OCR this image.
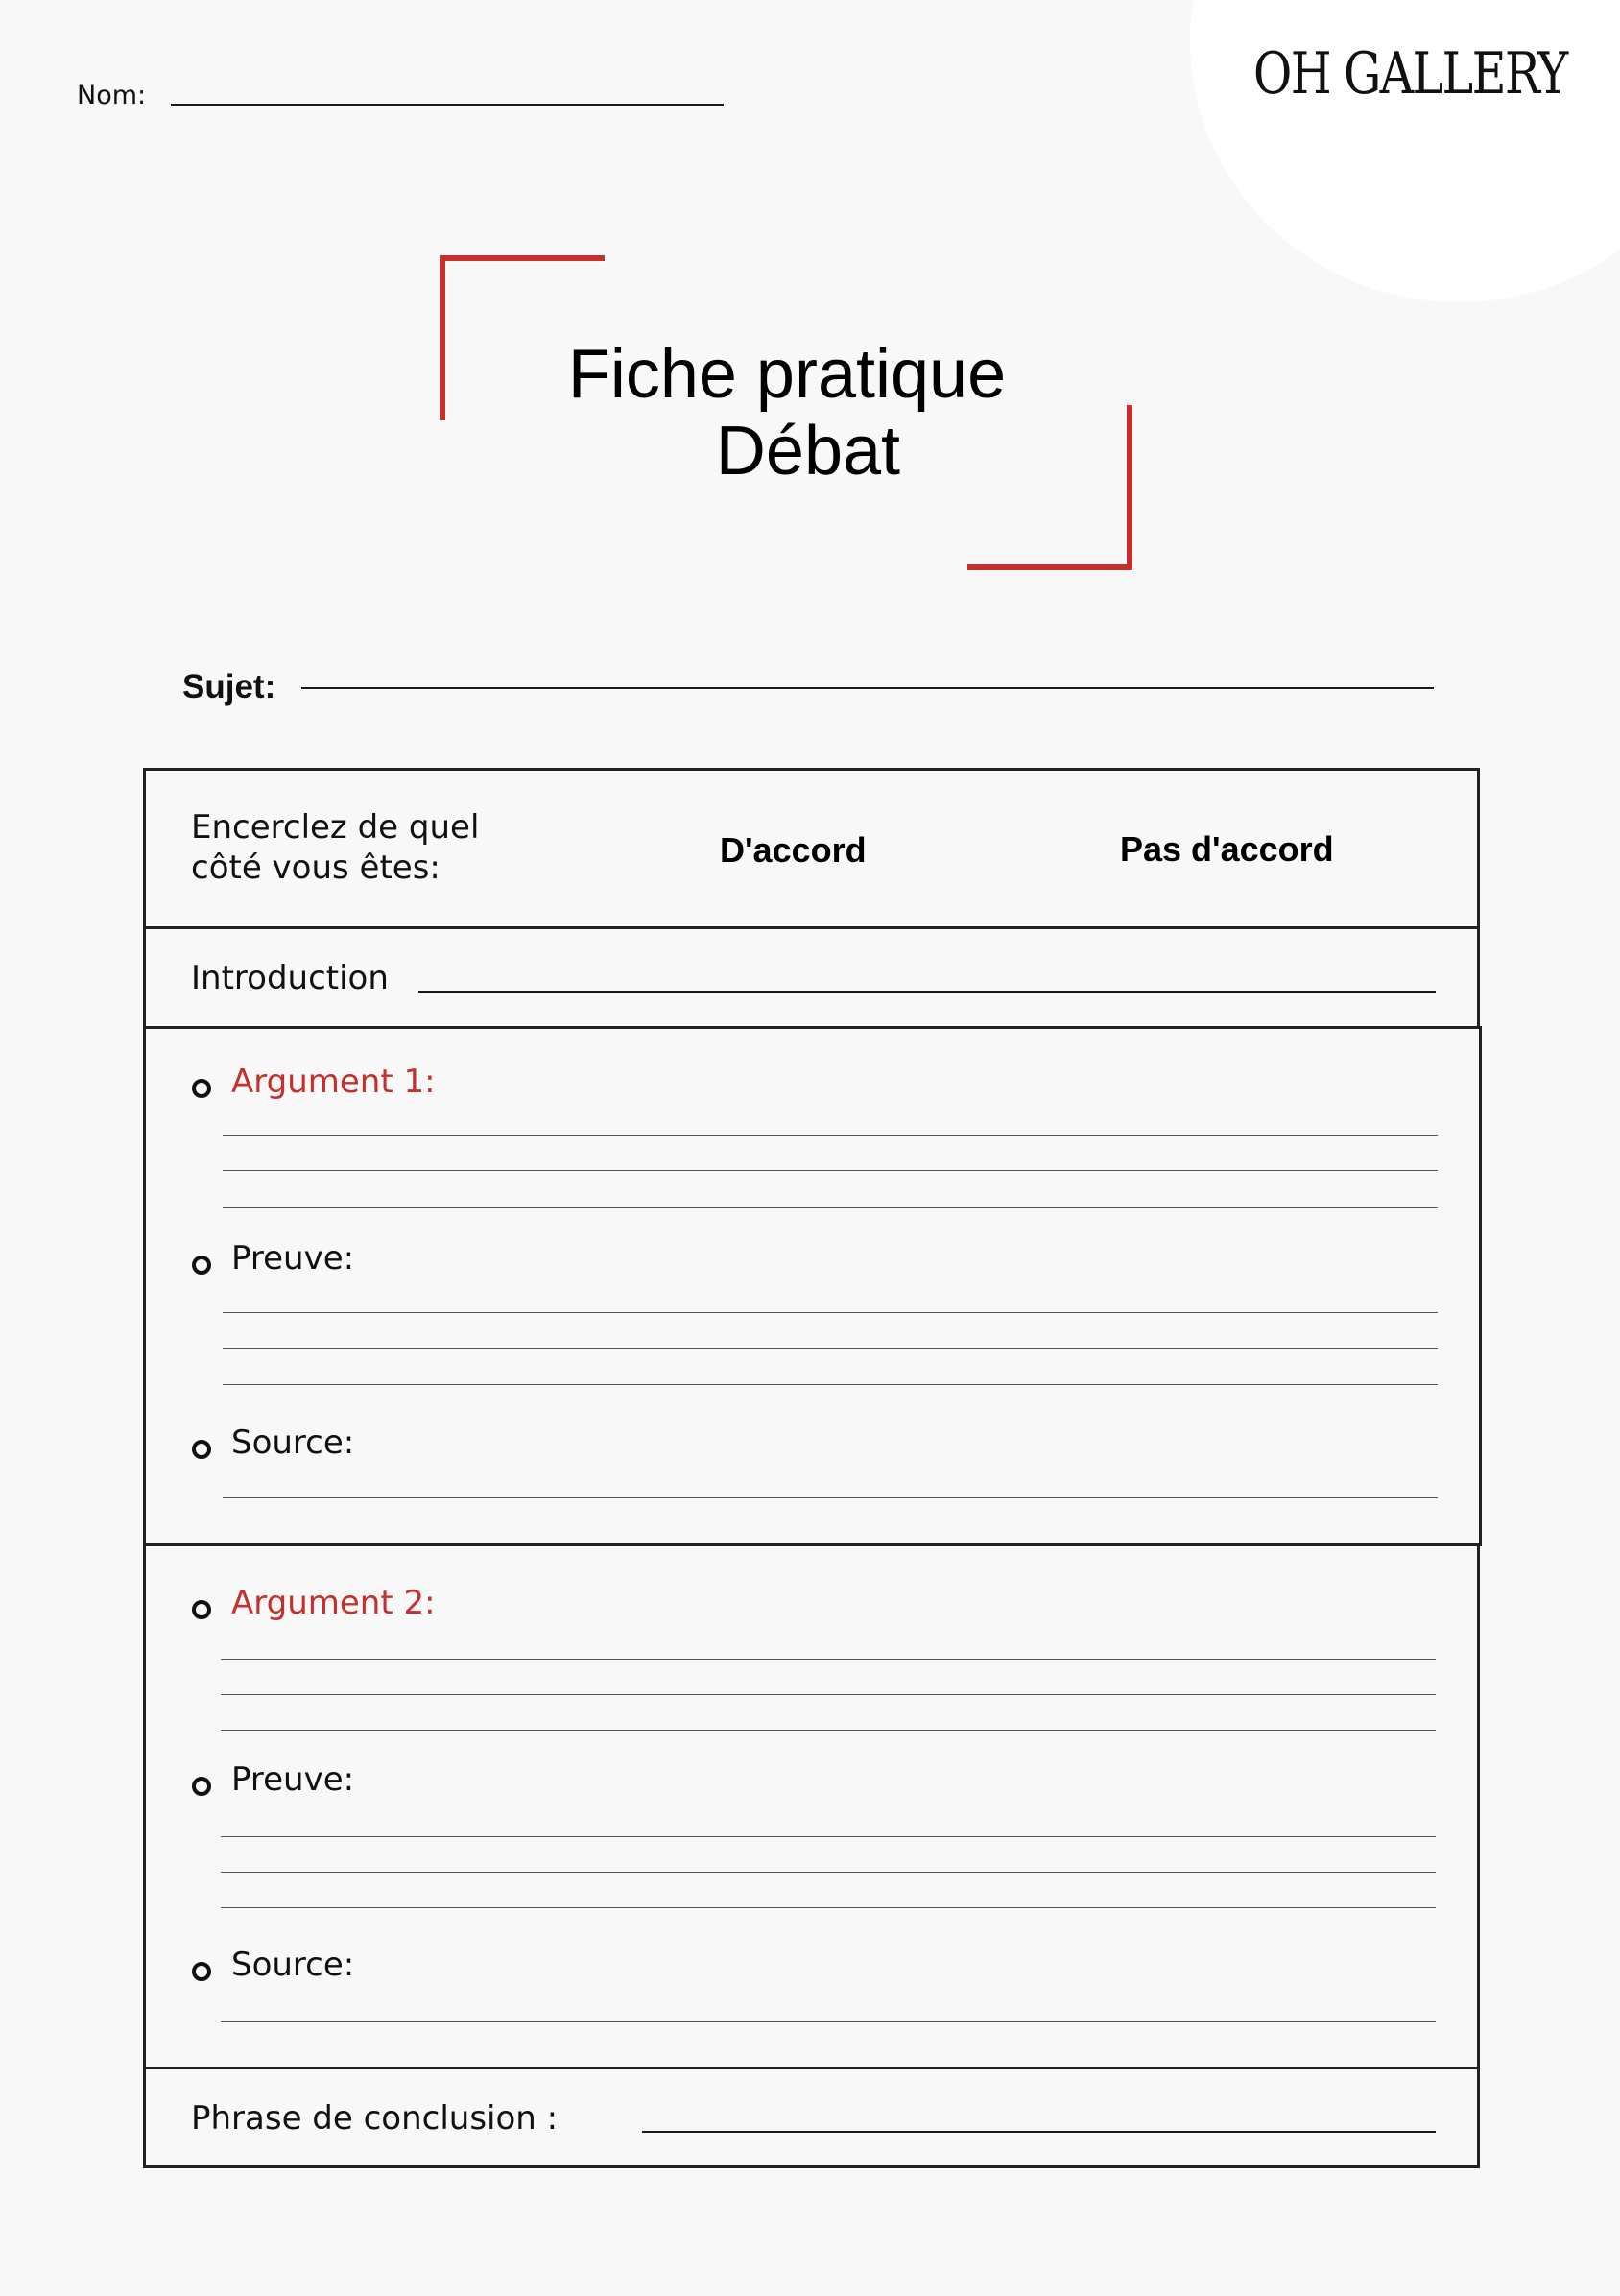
OH GALLERY
Nom:
Fiche pratique
Débat
Sujet:
Encerclez de quel
côté vous êtes:	D'accord	Pas d'accord
Introduction
Argument 1:
Preuve:
Source:
Argument 2:
Preuve:
Source:
Phrase de conclusion :
